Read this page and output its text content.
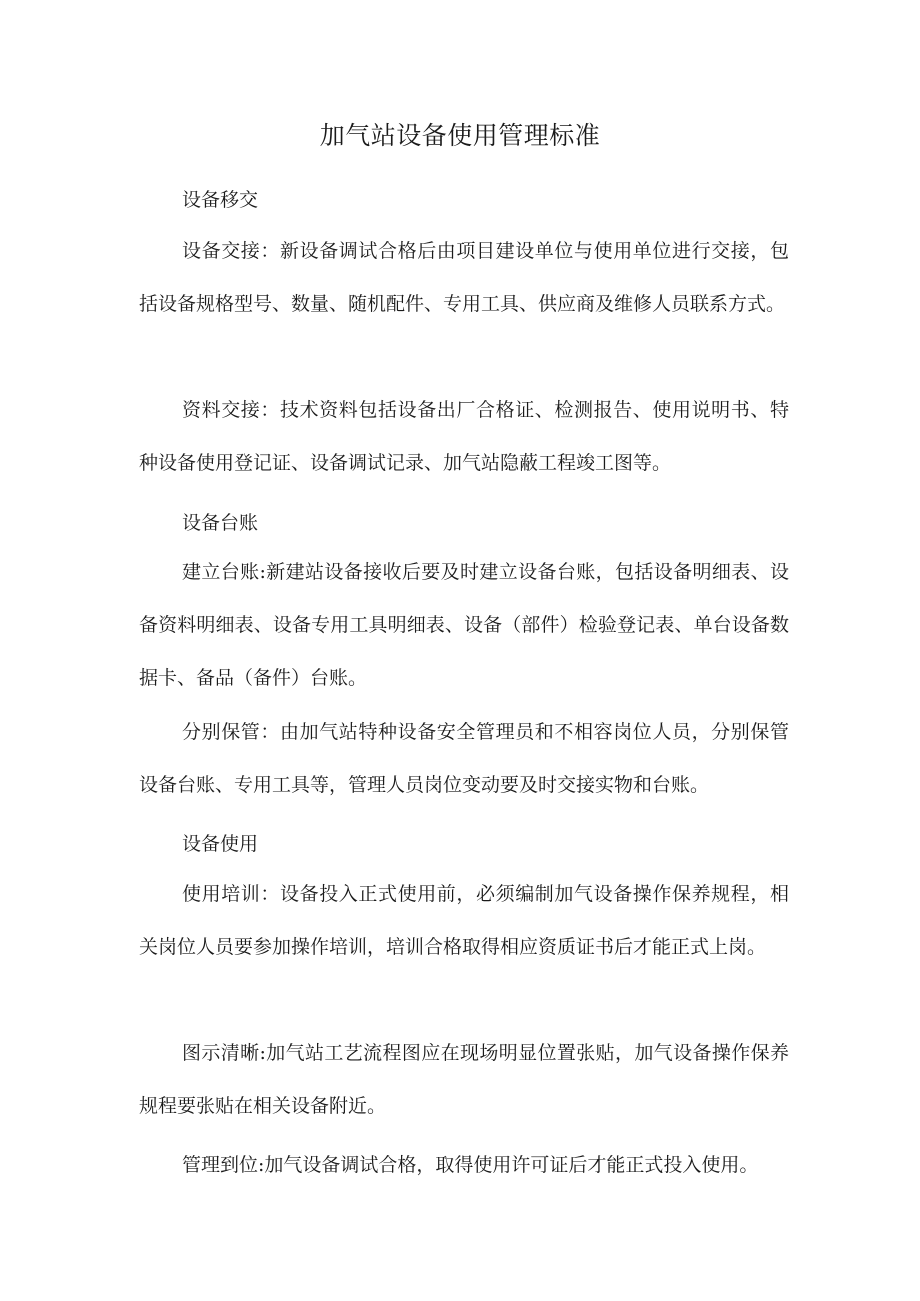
加气站设备使用管理标准

设备移交

设备交接：新设备调试合格后由项目建设单位与使用单位进行交接，包括设备规格型号、数量、随机配件、专用工具、供应商及维修人员联系方式。

资料交接：技术资料包括设备出厂合格证、检测报告、使用说明书、特种设备使用登记证、设备调试记录、加气站隐蔽工程竣工图等。

设备台账

建立台账:新建站设备接收后要及时建立设备台账，包括设备明细表、设备资料明细表、设备专用工具明细表、设备（部件）检验登记表、单台设备数据卡、备品（备件）台账。

分别保管：由加气站特种设备安全管理员和不相容岗位人员，分别保管设备台账、专用工具等，管理人员岗位变动要及时交接实物和台账。

设备使用

使用培训：设备投入正式使用前，必须编制加气设备操作保养规程，相关岗位人员要参加操作培训，培训合格取得相应资质证书后才能正式上岗。

图示清晰:加气站工艺流程图应在现场明显位置张贴，加气设备操作保养规程要张贴在相关设备附近。

管理到位:加气设备调试合格，取得使用许可证后才能正式投入使用。
